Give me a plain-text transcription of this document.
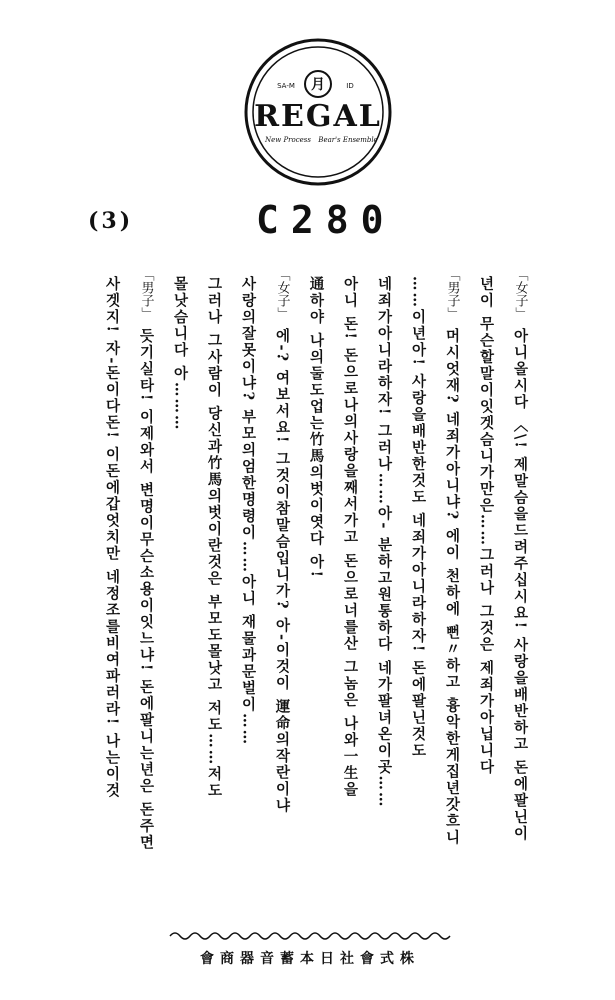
月
SA-M	ID
REGAL
New Process Bear's Ensemble
(3)	C280
「女子」아니올시다 〈\! 제말슴을드려주십시요! 사랑을배반하고 돈에팔닌이
년이 무슨할말이잇겟슴니가만은……그러나 그것은 제죄가아닙니다
「男子」머시엇재? 네죄가아니냐? 에이 천하에 뻔〃하고 흉악한게집년갓흐니
……이년아! 사랑을배반한것도 네죄가아니라하자! 돈에팔닌것도
네죄가아니라하자! 그러나……아- 분하고원통하다 네가팔녀온이곳……
아니 돈! 돈으로나의사랑을째서가고 돈으로너를산 그놈은 나와一生을
通하야 나의둘도업는竹馬의벗이엿다 아!
「女子」에-? 여보서요! 그것이참말슴입니가? 아-이것이 運命의작란이냐
사랑의잘못이냐? 부모의엄한명령이……아니 재물과문벌이……
그러나 그사람이 당신과竹馬의벗이란것은 부모도몰낫고 저도……저도
몰낫슴니다 아………
「男子」듯기실타! 이제와서 변명이무슨소용이잇느냐! 돈에팔니는년은 돈주면
사겟지! 자-돈이다돈! 이돈에갑엇치만 네정조를비여파러라! 나는이것
會商器音蓄本日社會式株
